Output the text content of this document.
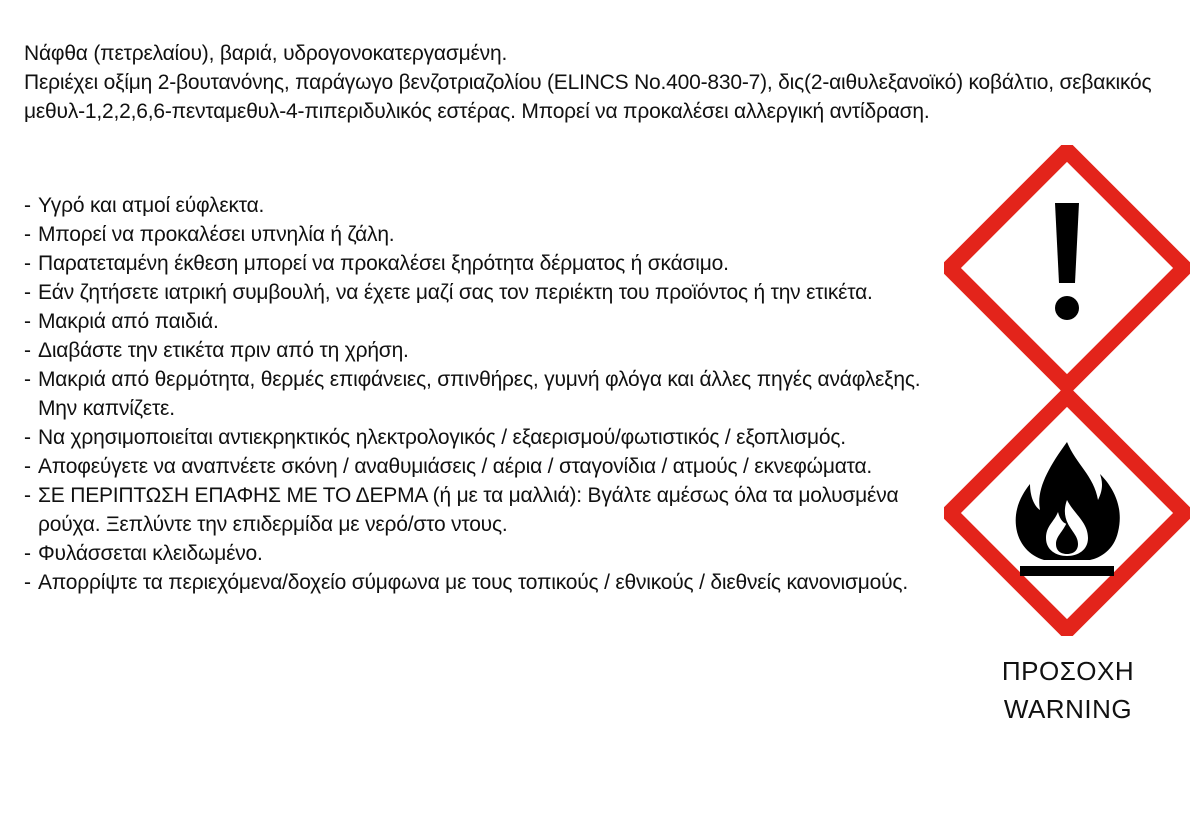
Νάφθα (πετρελαίου), βαριά, υδρογονοκατεργασμένη.

Περιέχει οξίμη 2-βουτανόνης, παράγωγο βενζοτριαζολίου (ELINCS No.400-830-7), δις(2-αιθυλεξανοϊκό) κοβάλτιο, σεβακικός μεθυλ-1,2,2,6,6-πενταμεθυλ-4-πιπεριδυλικός εστέρας. Μπορεί να προκαλέσει αλλεργική αντίδραση.

- Υγρό και ατμοί εύφλεκτα.
- Μπορεί να προκαλέσει υπνηλία ή ζάλη.
- Παρατεταμένη έκθεση μπορεί να προκαλέσει ξηρότητα δέρματος ή σκάσιμο.
- Εάν ζητήσετε ιατρική συμβουλή, να έχετε μαζί σας τον περιέκτη του προϊόντος ή την ετικέτα.
- Μακριά από παιδιά.
- Διαβάστε την ετικέτα πριν από τη χρήση.
- Μακριά από θερμότητα, θερμές επιφάνειες, σπινθήρες, γυμνή φλόγα και άλλες πηγές ανάφλεξης. Μην καπνίζετε.
- Να χρησιμοποιείται αντιεκρηκτικός ηλεκτρολογικός / εξαερισμού/φωτιστικός / εξοπλισμός.
- Αποφεύγετε να αναπνέετε σκόνη / αναθυμιάσεις / αέρια / σταγονίδια / ατμούς / εκνεφώματα.
- ΣΕ ΠΕΡΙΠΤΩΣΗ ΕΠΑΦΗΣ ΜΕ ΤΟ ΔΕΡΜΑ (ή με τα μαλλιά): Βγάλτε αμέσως όλα τα μολυσμένα ρούχα. Ξεπλύντε την επιδερμίδα με νερό/στο ντους.
- Φυλάσσεται κλειδωμένο.
- Απορρίψτε τα περιεχόμενα/δοχείο σύμφωνα με τους τοπικούς / εθνικούς / διεθνείς κανονισμούς.
ΠΡΟΣΟΧΗ
WARNING
